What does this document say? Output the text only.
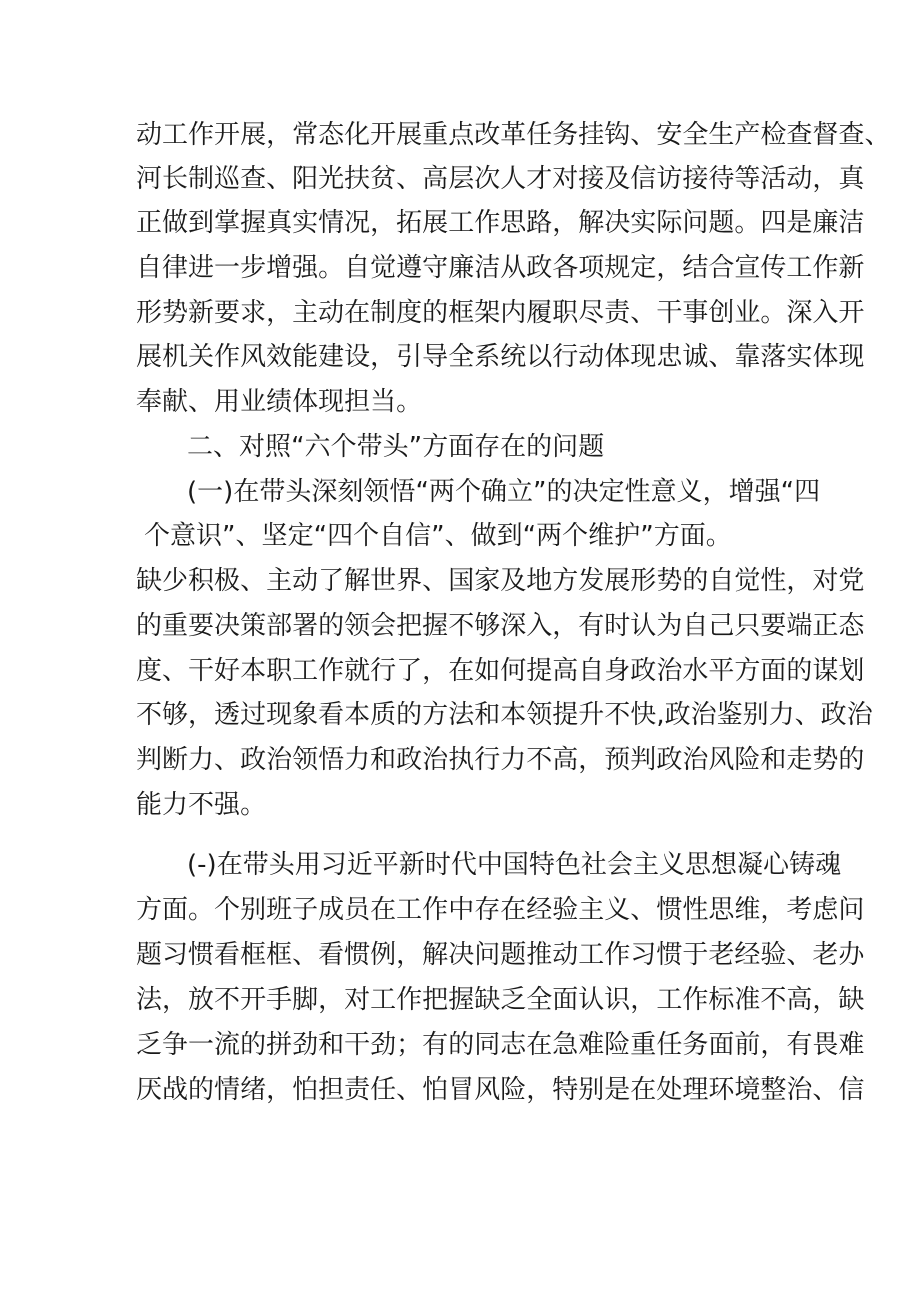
动 工 作 开 展 ， 常 态 化 开 展 重 点 改 革 任 务 挂 钩 、 安 全 生 产 检 查 督 查 、
河 长 制 巡 查 、 阳 光 扶 贫 、 高 层 次 人 才 对 接 及 信 访 接 待 等 活 动 ， 真
正 做 到 掌 握 真 实 情 况 ， 拓 展 工 作 思 路 ， 解 决 实 际 问 题 。 四 是 廉 洁
自 律 进 一 步 增 强 。 自 觉 遵 守 廉 洁 从 政 各 项 规 定 ， 结 合 宣 传 工 作 新
形 势 新 要 求 ， 主 动 在 制 度 的 框 架 内 履 职 尽 责 、 干 事 创 业 。 深 入 开
展 机 关 作 风 效 能 建 设 ， 引 导 全 系 统 以 行 动 体 现 忠 诚 、 靠 落 实 体 现
奉 献 、 用 业 绩 体 现 担 当 。
二 、 对 照 “ 六 个 带 头 ” 方 面 存 在 的 问 题
( 一 ) 在 带 头 深 刻 领 悟 “ 两 个 确 立 ” 的 决 定 性 意 义 ， 增 强 “ 四
个 意 识 ” 、 坚 定 “ 四 个 自 信 ” 、 做 到 “ 两 个 维 护 ” 方 面 。
缺 少 积 极 、 主 动 了 解 世 界 、 国 家 及 地 方 发 展 形 势 的 自 觉 性 ， 对 党
的 重 要 决 策 部 署 的 领 会 把 握 不 够 深 入 ， 有 时 认 为 自 己 只 要 端 正 态
度 、 干 好 本 职 工 作 就 行 了 ， 在 如 何 提 高 自 身 政 治 水 平 方 面 的 谋 划
不 够 ， 透 过 现 象 看 本 质 的 方 法 和 本 领 提 升 不 快 , 政 治 鉴 别 力 、 政 治
判 断 力 、 政 治 领 悟 力 和 政 治 执 行 力 不 高 ， 预 判 政 治 风 险 和 走 势 的
能 力 不 强 。
( - ) 在 带 头 用 习 近 平 新 时 代 中 国 特 色 社 会 主 义 思 想 凝 心 铸 魂
方 面 。 个 别 班 子 成 员 在 工 作 中 存 在 经 验 主 义 、 惯 性 思 维 ， 考 虑 问
题 习 惯 看 框 框 、 看 惯 例 ， 解 决 问 题 推 动 工 作 习 惯 于 老 经 验 、 老 办
法 ， 放 不 开 手 脚 ， 对 工 作 把 握 缺 乏 全 面 认 识 ， 工 作 标 准 不 高 ， 缺
乏 争 一 流 的 拼 劲 和 干 劲 ； 有 的 同 志 在 急 难 险 重 任 务 面 前 ， 有 畏 难
厌 战 的 情 绪 ， 怕 担 责 任 、 怕 冒 风 险 ， 特 别 是 在 处 理 环 境 整 治 、 信
